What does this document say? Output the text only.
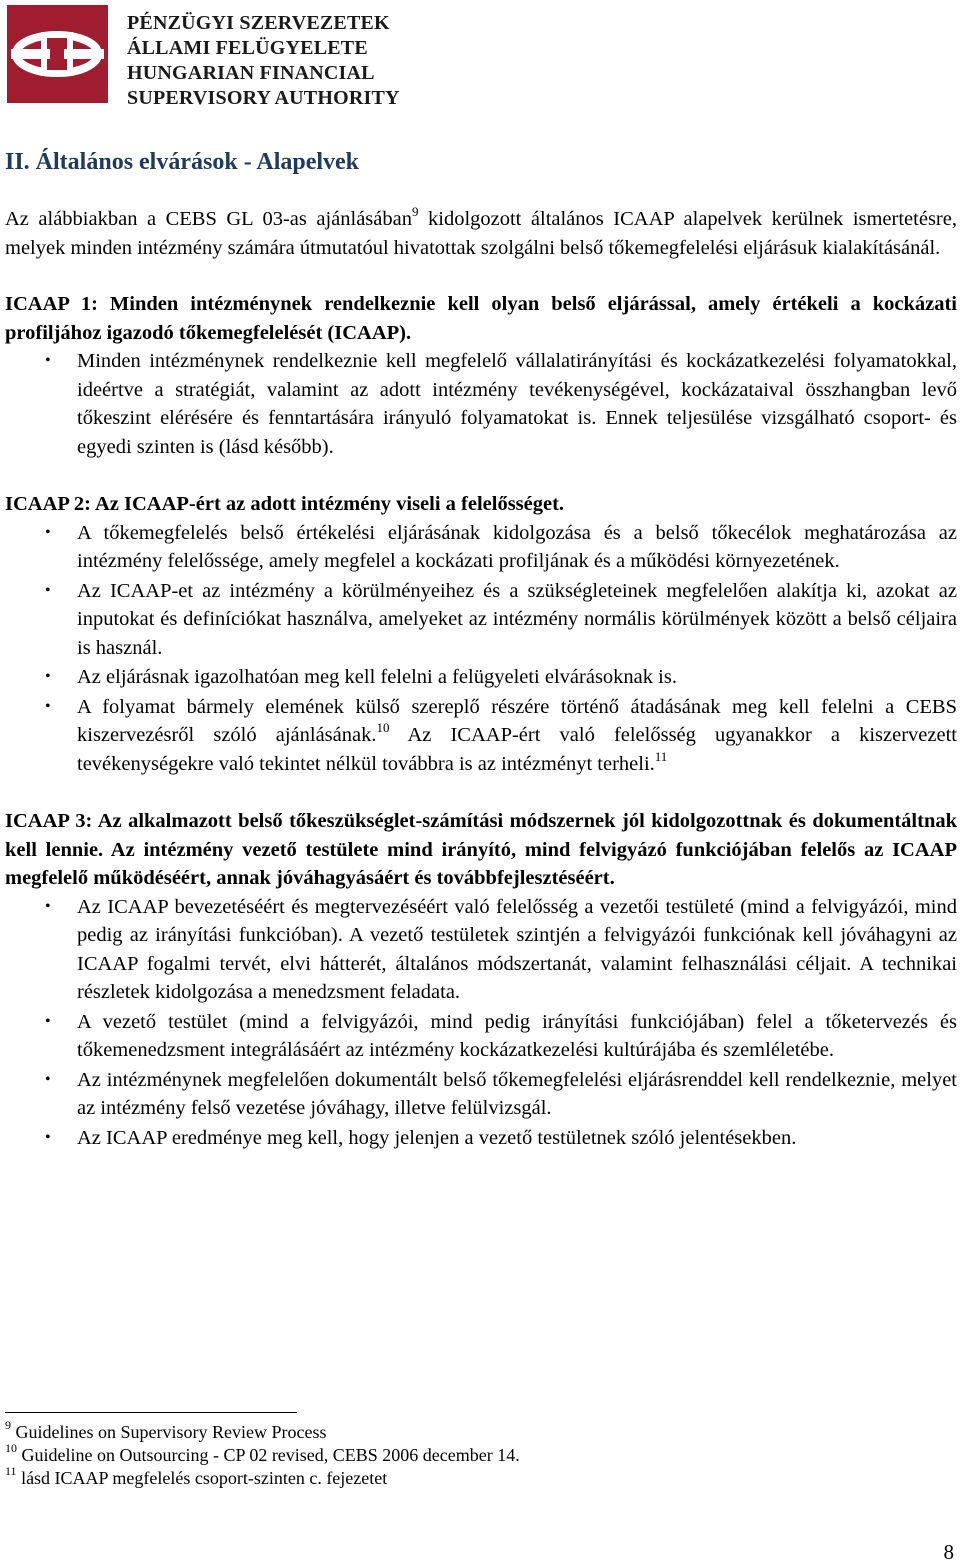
PÉNZÜGYI SZERVEZETEK
ÁLLAMI FELÜGYELETE
HUNGARIAN FINANCIAL
SUPERVISORY AUTHORITY
II. Általános elvárások - Alapelvek

Az alábbiakban a CEBS GL 03-as ajánlásában$^9$ kidolgozott általános ICAAP alapelvek kerülnek ismertetésre, melyek minden intézmény számára útmutatóul hivatottak szolgálni belső tőkemegfelelési eljárásuk kialakításánál.

ICAAP 1: Minden intézménynek rendelkeznie kell olyan belső eljárással, amely értékeli a kockázati profiljához igazodó tőkemegfelelését (ICAAP).

• Minden intézménynek rendelkeznie kell megfelelő vállalatirányítási és kockázatkezelési folyamatokkal, ideértve a stratégiát, valamint az adott intézmény tevékenységével, kockázataival összhangban levő tőkeszint elérésére és fenntartására irányuló folyamatokat is. Ennek teljesülése vizsgálható csoport- és egyedi szinten is (lásd később).

ICAAP 2: Az ICAAP-ért az adott intézmény viseli a felelősséget.

• A tőkemegfelelés belső értékelési eljárásának kidolgozása és a belső tőkecélok meghatározása az intézmény felelőssége, amely megfelel a kockázati profiljának és a működési környezetének.
• Az ICAAP-et az intézmény a körülményeihez és a szükségleteinek megfelelően alakítja ki, azokat az inputokat és definíciókat használva, amelyeket az intézmény normális körülmények között a belső céljaira is használ.
• Az eljárásnak igazolhatóan meg kell felelni a felügyeleti elvárásoknak is.
• A folyamat bármely elemének külső szereplő részére történő átadásának meg kell felelni a CEBS kiszervezésről szóló ajánlásának.$^{10}$ Az ICAAP-ért való felelősség ugyanakkor a kiszervezett tevékenységekre való tekintet nélkül továbbra is az intézményt terheli.$^{11}$

ICAAP 3: Az alkalmazott belső tőkeszükséglet-számítási módszernek jól kidolgozottnak és dokumentáltnak kell lennie. Az intézmény vezető testülete mind irányító, mind felvigyázó funkciójában felelős az ICAAP megfelelő működéséért, annak jóváhagyásáért és továbbfejlesztéséért.

• Az ICAAP bevezetéséért és megtervezéséért való felelősség a vezetői testületé (mind a felvigyázói, mind pedig az irányítási funkcióban). A vezető testületek szintjén a felvigyázói funkciónak kell jóváhagyni az ICAAP fogalmi tervét, elvi hátterét, általános módszertanát, valamint felhasználási céljait. A technikai részletek kidolgozása a menedzsment feladata.
• A vezető testület (mind a felvigyázói, mind pedig irányítási funkciójában) felel a tőketervezés és tőkemenedzsment integrálásáért az intézmény kockázatkezelési kultúrájába és szemléletébe.
• Az intézménynek megfelelően dokumentált belső tőkemegfelelési eljárásrenddel kell rendelkeznie, melyet az intézmény felső vezetése jóváhagy, illetve felülvizsgál.
• Az ICAAP eredménye meg kell, hogy jelenjen a vezető testületnek szóló jelentésekben.
$^9$ Guidelines on Supervisory Review Process
$^{10}$ Guideline on Outsourcing - CP 02 revised, CEBS 2006 december 14.
$^{11}$ lásd ICAAP megfelelés csoport-szinten c. fejezetet
8
